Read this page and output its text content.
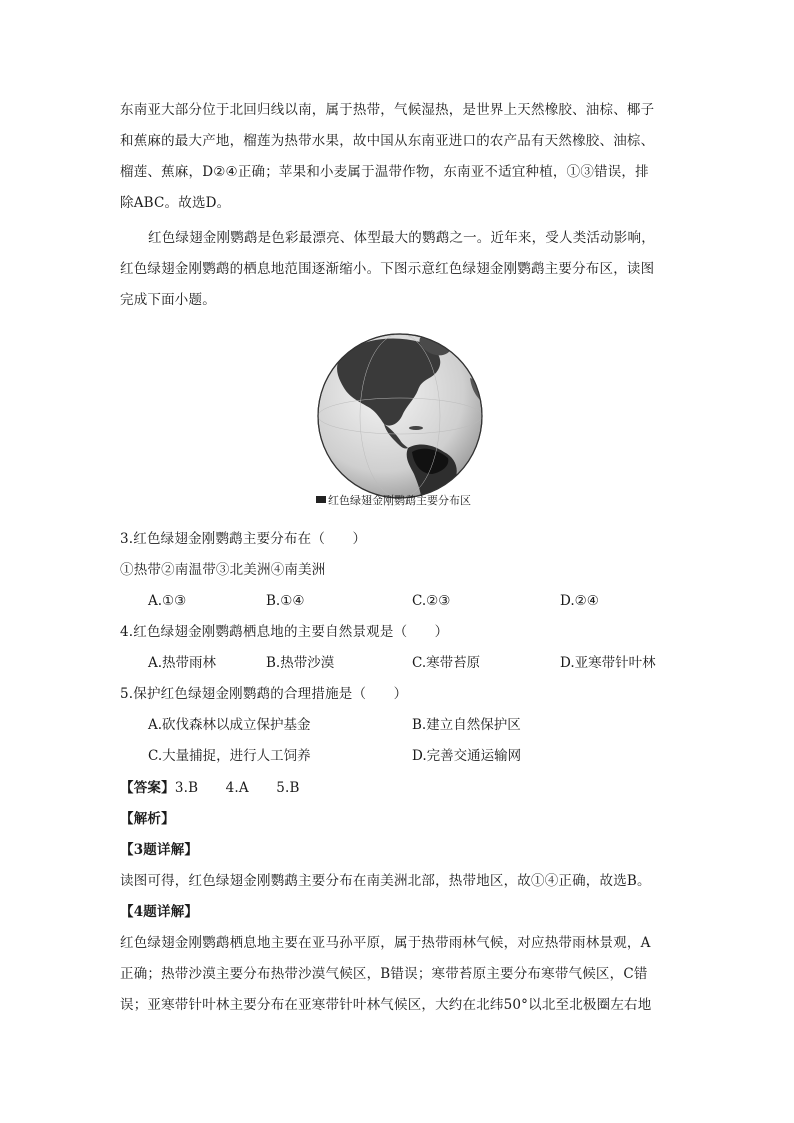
东南亚大部分位于北回归线以南，属于热带，气候湿热，是世界上天然橡胶、油棕、椰子
和蕉麻的最大产地，榴莲为热带水果，故中国从东南亚进口的农产品有天然橡胶、油棕、
榴莲、蕉麻，D②④正确；苹果和小麦属于温带作物，东南亚不适宜种植，①③错误，排
除ABC。故选D。
红色绿翅金刚鹦鹉是色彩最漂亮、体型最大的鹦鹉之一。近年来，受人类活动影响，
红色绿翅金刚鹦鹉的栖息地范围逐渐缩小。下图示意红色绿翅金刚鹦鹉主要分布区，读图
完成下面小题。
红色绿翅金刚鹦鹉主要分布区
3.红色绿翅金刚鹦鹉主要分布在（　　）
①热带②南温带③北美洲④南美洲
A.①③	B.①④	C.②③	D.②④
4.红色绿翅金刚鹦鹉栖息地的主要自然景观是（　　）
A.热带雨林	B.热带沙漠	C.寒带苔原	D.亚寒带针叶林
5.保护红色绿翅金刚鹦鹉的合理措施是（　　）
A.砍伐森林以成立保护基金	B.建立自然保护区
C.大量捕捉，进行人工饲养	D.完善交通运输网
【答案】3.B　　4.A　　5.B
【解析】
【3题详解】
读图可得，红色绿翅金刚鹦鹉主要分布在南美洲北部，热带地区，故①④正确，故选B。
【4题详解】
红色绿翅金刚鹦鹉栖息地主要在亚马孙平原，属于热带雨林气候，对应热带雨林景观，A
正确；热带沙漠主要分布热带沙漠气候区，B错误；寒带苔原主要分布寒带气候区，C错
误；亚寒带针叶林主要分布在亚寒带针叶林气候区，大约在北纬50°以北至北极圈左右地
